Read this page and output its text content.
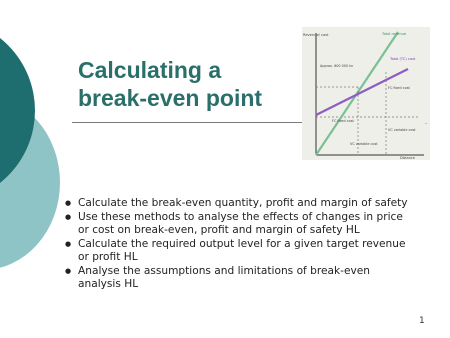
Calculating a
break-even point
Revenue/ cost	Total revenue
Total (TC) cost
Approx. 600 000 kn
FC fixed cost
VC variable cost
FC fixed cost
VC variable cost
Distance
-
● Calculate the break-even quantity, profit and margin of safety
● Use these methods to analyse the effects of changes in price or cost on break-even, profit and margin of safety HL
● Calculate the required output level for a given target revenue or profit HL
● Analyse the assumptions and limitations of break-even analysis HL
1
